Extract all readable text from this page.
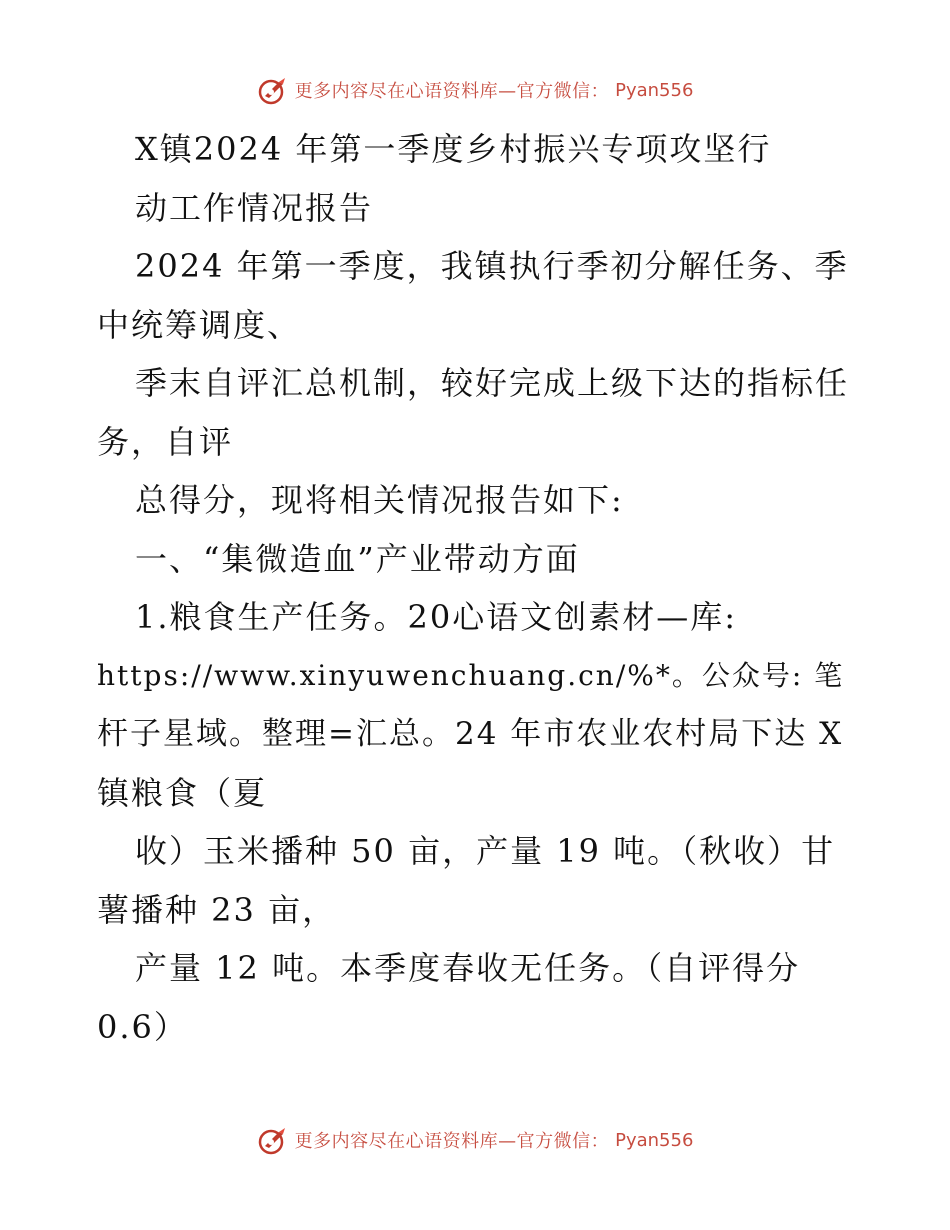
更多内容尽在心语资料库—官方微信： Pyan556
X镇2024 年第一季度乡村振兴专项攻坚行
动工作情况报告
2024 年第一季度，我镇执行季初分解任务、季
中统筹调度、
季末自评汇总机制，较好完成上级下达的指标任
务，自评
总得分，现将相关情况报告如下:
一、“集微造血”产业带动方面
1.粮食生产任务。20心语文创素材—库:
https://www.xinyuwenchuang.cn/%*。公众号: 笔
杆子星域。整理=汇总。24 年市农业农村局下达 X
镇粮食（夏
收）玉米播种 50 亩，产量 19 吨。（秋收）甘
薯播种 23 亩，
产量 12 吨。本季度春收无任务。（自评得分
0.6）
更多内容尽在心语资料库—官方微信： Pyan556
